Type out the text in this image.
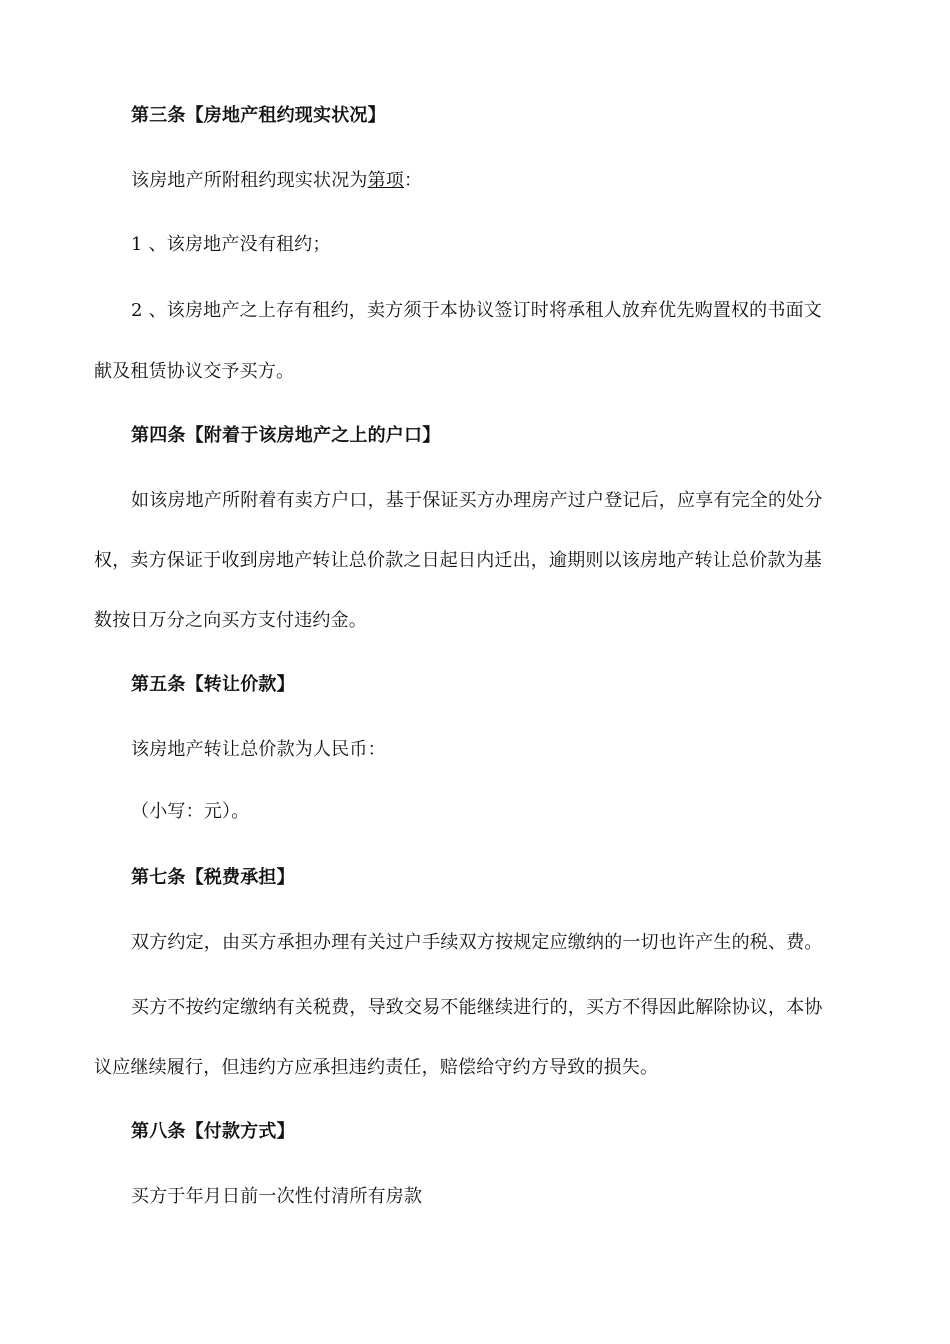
第三条【房地产租约现实状况】
该房地产所附租约现实状况为第项：
1 、该房地产没有租约；
2 、该房地产之上存有租约，卖方须于本协议签订时将承租人放弃优先购置权的书面文
献及租赁协议交予买方。
第四条【附着于该房地产之上的户口】
如该房地产所附着有卖方户口，基于保证买方办理房产过户登记后，应享有完全的处分
权，卖方保证于收到房地产转让总价款之日起日内迁出，逾期则以该房地产转让总价款为基
数按日万分之向买方支付违约金。
第五条【转让价款】
该房地产转让总价款为人民币：
（小写：元）。
第七条【税费承担】
双方约定，由买方承担办理有关过户手续双方按规定应缴纳的一切也许产生的税、费。
买方不按约定缴纳有关税费，导致交易不能继续进行的，买方不得因此解除协议，本协
议应继续履行，但违约方应承担违约责任，赔偿给守约方导致的损失。
第八条【付款方式】
买方于年月日前一次性付清所有房款
